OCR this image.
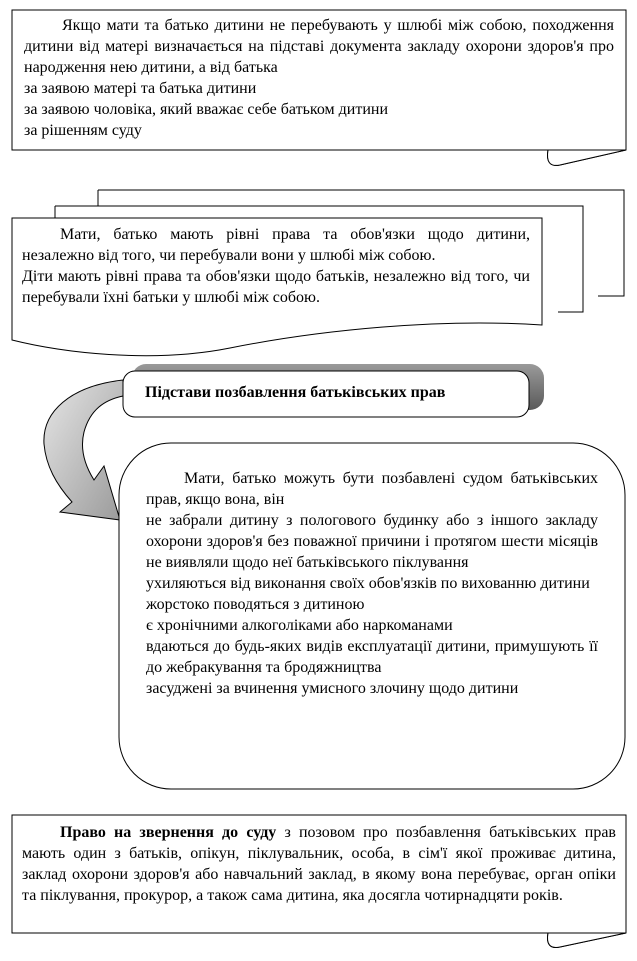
Якщо мати та батько дитини не перебувають у шлюбі між собою, походження дитини від матері визначається на підставі документа закладу охорони здоров'я про народження нею дитини, а від батька

за заявою матері та батька дитини

за заявою чоловіка, який вважає себе батьком дитини

за рішенням суду

Мати, батько мають рівні права та обов'язки щодо дитини, незалежно від того, чи перебували вони у шлюбі між собою.

Діти мають рівні права та обов'язки щодо батьків, незалежно від того, чи перебували їхні батьки у шлюбі між собою.

Підстави позбавлення батьківських прав

Мати, батько можуть бути позбавлені судом батьківських прав, якщо вона, він

не забрали дитину з пологового будинку або з іншого закладу охорони здоров'я без поважної причини і протягом шести місяців не виявляли щодо неї батьківського піклування

ухиляються від виконання своїх обов'язків по вихованню дитини

жорстоко поводяться з дитиною

є хронічними алкоголіками або наркоманами

вдаються до будь-яких видів експлуатації дитини, примушують її до жебракування та бродяжництва

засуджені за вчинення умисного злочину щодо дитини

Право на звернення до суду з позовом про позбавлення батьківських прав мають один з батьків, опікун, піклувальник, особа, в сім'ї якої проживає дитина, заклад охорони здоров'я або навчальний заклад, в якому вона перебуває, орган опіки та піклування, прокурор, а також сама дитина, яка досягла чотирнадцяти років.
